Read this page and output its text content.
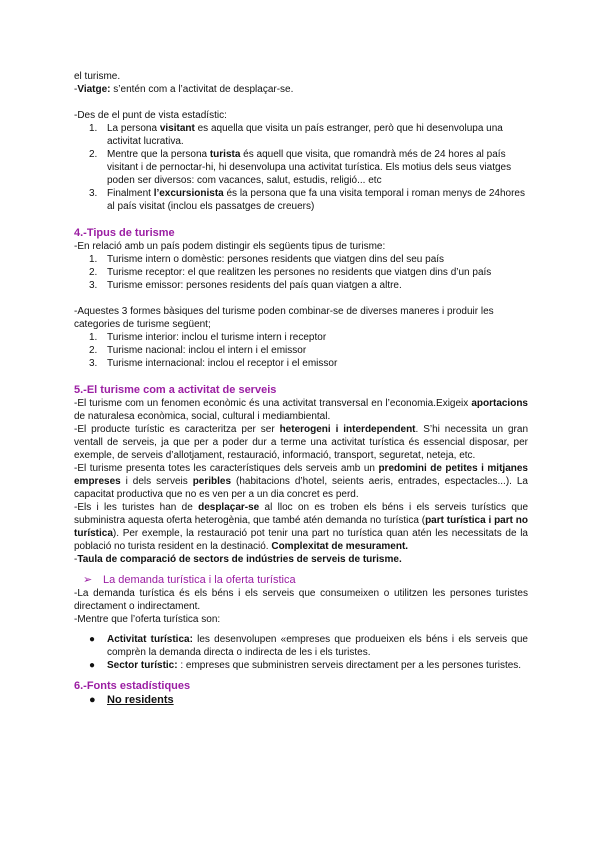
el turisme.

-Viatge: s’entén com a l’activitat de desplaçar-se.

-Des de el punt de vista estadístic:

1. La persona visitant es aquella que visita un país estranger, però que hi desenvolupa una activitat lucrativa.
2. Mentre que la persona turista és aquell que visita, que romandrà més de 24 hores al país visitant i de pernoctar-hi, hi desenvolupa una activitat turística. Els motius dels seus viatges poden ser diversos: com vacances, salut, estudis, religió... etc
3. Finalment l’excursionista és la persona que fa una visita temporal i roman menys de 24hores al país visitat (inclou els passatges de creuers)

4.-Tipus de turisme

-En relació amb un país podem distingir els següents tipus de turisme:

1. Turisme intern o domèstic: persones residents que viatgen dins del seu país
2. Turisme receptor: el que realitzen les persones no residents que viatgen dins d’un país
3. Turisme emissor: persones residents del país quan viatgen a altre.

-Aquestes 3 formes bàsiques del turisme poden combinar-se de diverses maneres i produir les categories de turisme següent;

1. Turisme interior: inclou el turisme intern i receptor
2. Turisme nacional: inclou el intern i el emissor
3. Turisme internacional: inclou el receptor i el emissor

5.-El turisme com a activitat de serveis

-El turisme com un fenomen econòmic és una activitat transversal en l’economia.Exigeix aportacions de naturalesa econòmica, social, cultural i mediambiental.

-El producte turístic es caracteritza per ser heterogeni i interdependent. S’hi necessita un gran ventall de serveis, ja que per a poder dur a terme una activitat turística és essencial disposar, per exemple, de serveis d’allotjament, restauració, informació, transport, seguretat, neteja, etc.

-El turisme presenta totes les característiques dels serveis amb un predomini de petites i mitjanes empreses i dels serveis peribles (habitacions d’hotel, seients aeris, entrades, espectacles...). La capacitat productiva que no es ven per a un dia concret es perd.

-Els i les turistes han de desplaçar-se al lloc on es troben els béns i els serveis turístics que subministra aquesta oferta heterogènia, que també atén demanda no turística (part turística i part no turística). Per exemple, la restauració pot tenir una part no turística quan atén les necessitats de la població no turista resident en la destinació. Complexitat de mesurament.

-Taula de comparació de sectors de indústries de serveis de turisme.

➢ La demanda turística i la oferta turística

-La demanda turística és els béns i els serveis que consumeixen o utilitzen les persones turistes directament o indirectament.

-Mentre que l’oferta turística son:

● Activitat turística: les desenvolupen «empreses que produeixen els béns i els serveis que comprèn la demanda directa o indirecta de les i els turistes.
● Sector turístic: : empreses que subministren serveis directament per a les persones turistes.

6.-Fonts estadístiques

● No residents
